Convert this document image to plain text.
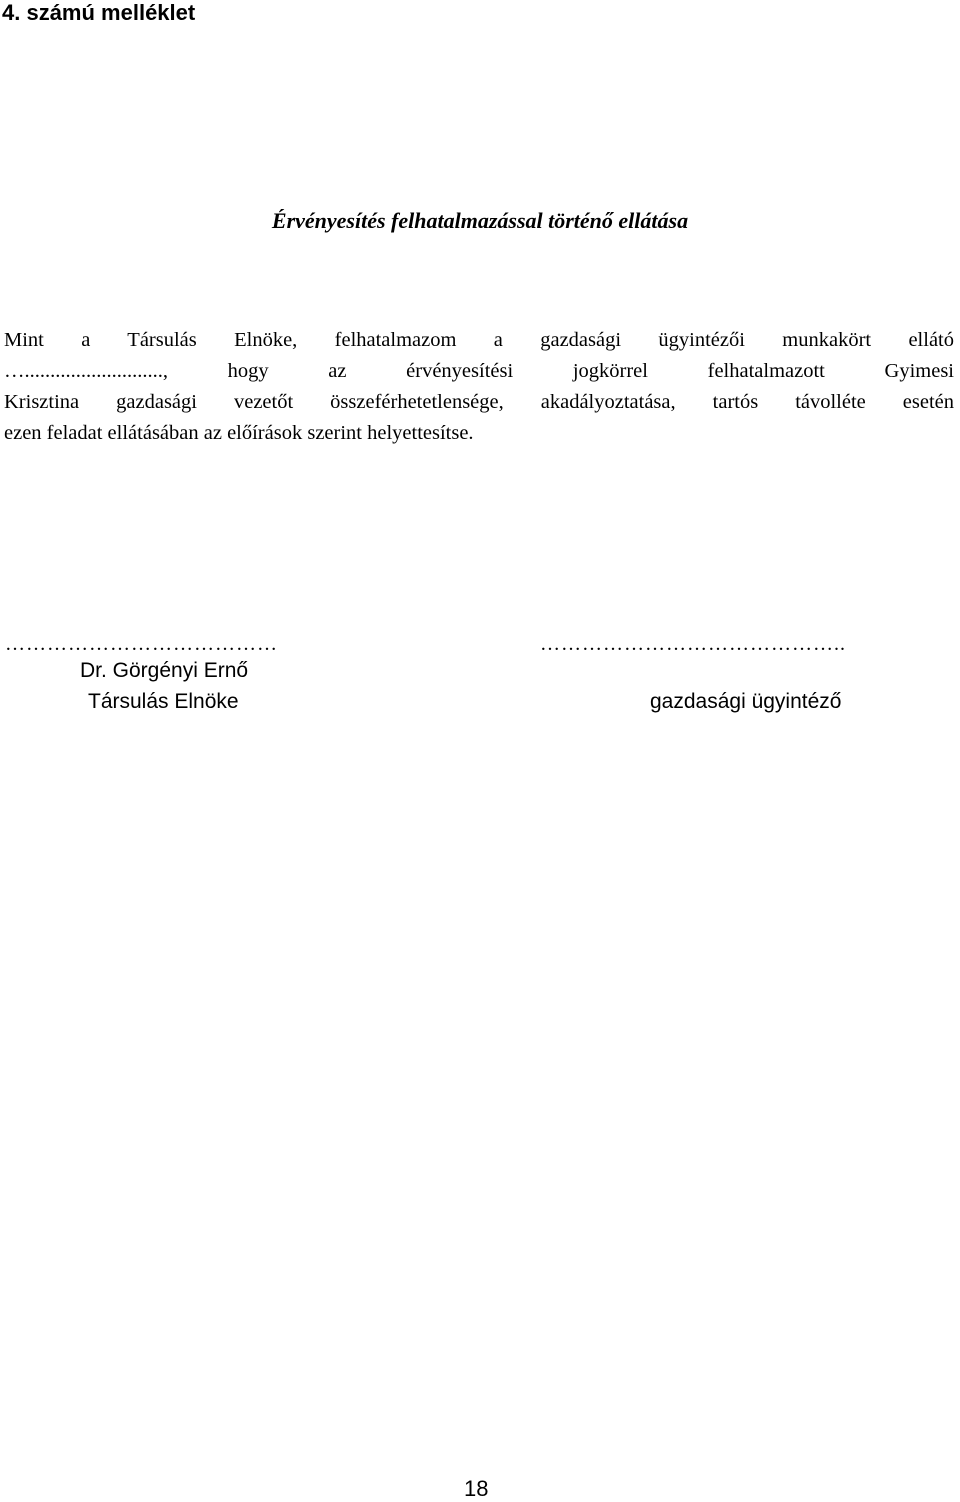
4. számú melléklet
Érvényesítés felhatalmazással történő ellátása
Mint a Társulás Elnöke, felhatalmazom a gazdasági ügyintézői munkakört ellátó
…..........................., hogy az érvényesítési jogkörrel felhatalmazott Gyimesi
Krisztina gazdasági vezetőt összeférhetetlensége, akadályoztatása, tartós távolléte esetén
ezen feladat ellátásában az előírások szerint helyettesítse.
…………………………………
Dr. Görgényi Ernő
Társulás Elnöke
……………………………………..
gazdasági ügyintéző
18
